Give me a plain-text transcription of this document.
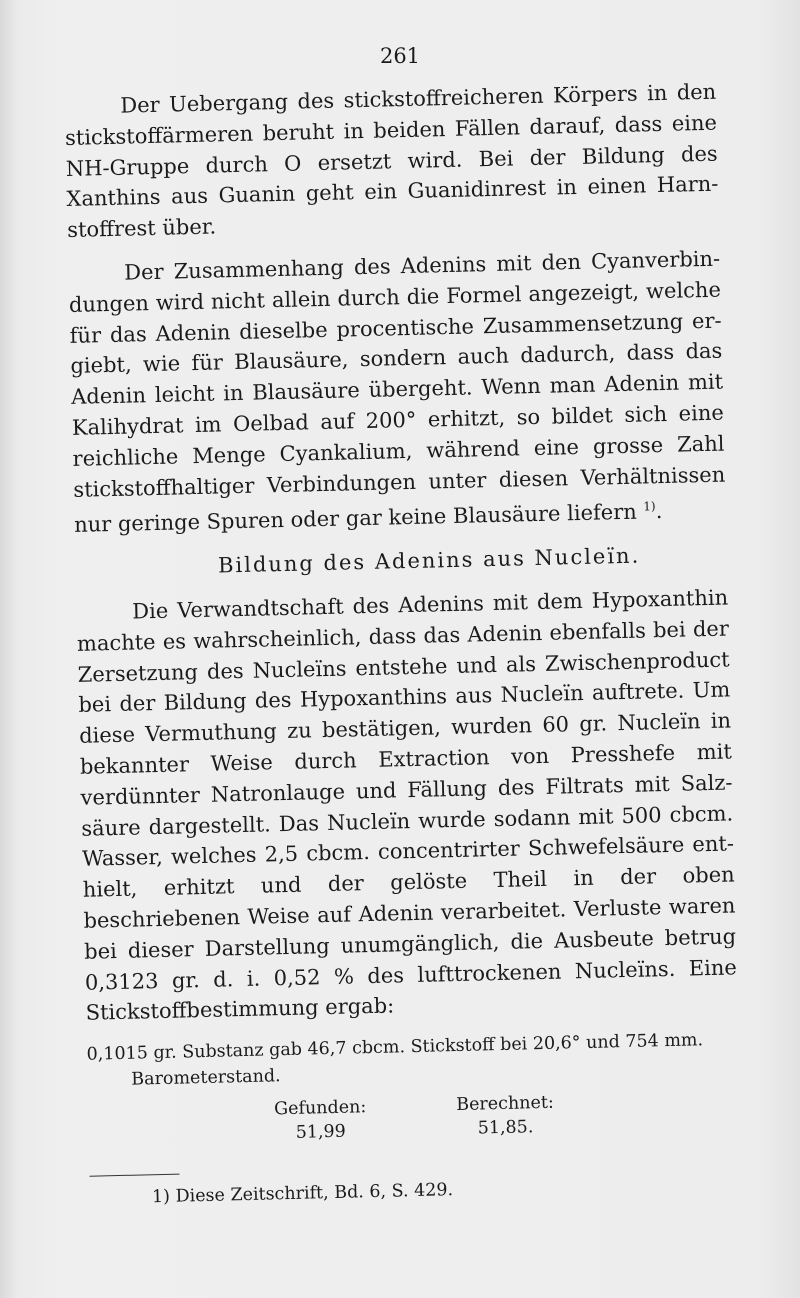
261

Der Uebergang des stickstoffreicheren Körpers in den stickstoffärmeren beruht in beiden Fällen darauf, dass eine NH-Gruppe durch O ersetzt wird. Bei der Bildung des Xanthins aus Guanin geht ein Guanidinrest in einen Harnstoffrest über.

Der Zusammenhang des Adenins mit den Cyanverbindungen wird nicht allein durch die Formel angezeigt, welche für das Adenin dieselbe procentische Zusammensetzung ergiebt, wie für Blausäure, sondern auch dadurch, dass das Adenin leicht in Blausäure übergeht. Wenn man Adenin mit Kalihydrat im Oelbad auf 200° erhitzt, so bildet sich eine reichliche Menge Cyankalium, während eine grosse Zahl stickstoffhaltiger Verbindungen unter diesen Verhältnissen nur geringe Spuren oder gar keine Blausäure liefern $^{1)}$.

Bildung des Adenins aus Nucleïn.

Die Verwandtschaft des Adenins mit dem Hypoxanthin machte es wahrscheinlich, dass das Adenin ebenfalls bei der Zersetzung des Nucleïns entstehe und als Zwischenproduct bei der Bildung des Hypoxanthins aus Nucleïn auftrete. Um diese Vermuthung zu bestätigen, wurden 60 gr. Nucleïn in bekannter Weise durch Extraction von Presshefe mit verdünnter Natronlauge und Fällung des Filtrats mit Salzsäure dargestellt. Das Nucleïn wurde sodann mit 500 cbcm. Wasser, welches 2,5 cbcm. concentrirter Schwefelsäure enthielt, erhitzt und der gelöste Theil in der oben beschriebenen Weise auf Adenin verarbeitet. Verluste waren bei dieser Darstellung unumgänglich, die Ausbeute betrug 0,3123 gr. d. i. 0,52 % des lufttrockenen Nucleïns. Eine Stickstoffbestimmung ergab:

0,1015 gr. Substanz gab 46,7 cbcm. Stickstoff bei 20,6° und 754 mm.
Barometerstand.
Gefunden:
51,99
Berechnet:
51,85.
1) Diese Zeitschrift, Bd. 6, S. 429.
